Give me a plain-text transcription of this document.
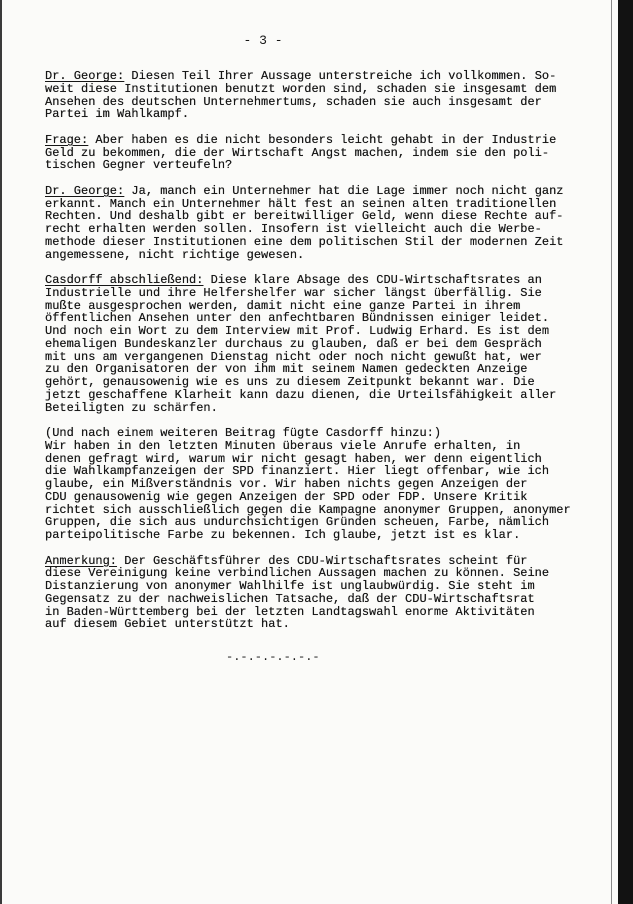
- 3 -
Dr. George: Diesen Teil Ihrer Aussage unterstreiche ich vollkommen. So-
weit diese Institutionen benutzt worden sind, schaden sie insgesamt dem
Ansehen des deutschen Unternehmertums, schaden sie auch insgesamt der
Partei im Wahlkampf.
Frage: Aber haben es die nicht besonders leicht gehabt in der Industrie
Geld zu bekommen, die der Wirtschaft Angst machen, indem sie den poli-
tischen Gegner verteufeln?
Dr. George: Ja, manch ein Unternehmer hat die Lage immer noch nicht ganz
erkannt. Manch ein Unternehmer hält fest an seinen alten traditionellen
Rechten. Und deshalb gibt er bereitwilliger Geld, wenn diese Rechte auf-
recht erhalten werden sollen. Insofern ist vielleicht auch die Werbe-
methode dieser Institutionen eine dem politischen Stil der modernen Zeit
angemessene, nicht richtige gewesen.
Casdorff abschließend: Diese klare Absage des CDU-Wirtschaftsrates an
Industrielle und ihre Helfershelfer war sicher längst überfällig. Sie
mußte ausgesprochen werden, damit nicht eine ganze Partei in ihrem
öffentlichen Ansehen unter den anfechtbaren Bündnissen einiger leidet.
Und noch ein Wort zu dem Interview mit Prof. Ludwig Erhard. Es ist dem
ehemaligen Bundeskanzler durchaus zu glauben, daß er bei dem Gespräch
mit uns am vergangenen Dienstag nicht oder noch nicht gewußt hat, wer
zu den Organisatoren der von ihm mit seinem Namen gedeckten Anzeige
gehört, genausowenig wie es uns zu diesem Zeitpunkt bekannt war. Die
jetzt geschaffene Klarheit kann dazu dienen, die Urteilsfähigkeit aller
Beteiligten zu schärfen.
(Und nach einem weiteren Beitrag fügte Casdorff hinzu:)
Wir haben in den letzten Minuten überaus viele Anrufe erhalten, in
denen gefragt wird, warum wir nicht gesagt haben, wer denn eigentlich
die Wahlkampfanzeigen der SPD finanziert. Hier liegt offenbar, wie ich
glaube, ein Mißverständnis vor. Wir haben nichts gegen Anzeigen der
CDU genausowenig wie gegen Anzeigen der SPD oder FDP. Unsere Kritik
richtet sich ausschließlich gegen die Kampagne anonymer Gruppen, anonymer
Gruppen, die sich aus undurchsichtigen Gründen scheuen, Farbe, nämlich
parteipolitische Farbe zu bekennen. Ich glaube, jetzt ist es klar.
Anmerkung: Der Geschäftsführer des CDU-Wirtschaftsrates scheint für
diese Vereinigung keine verbindlichen Aussagen machen zu können. Seine
Distanzierung von anonymer Wahlhilfe ist unglaubwürdig. Sie steht im
Gegensatz zu der nachweislichen Tatsache, daß der CDU-Wirtschaftsrat
in Baden-Württemberg bei der letzten Landtagswahl enorme Aktivitäten
auf diesem Gebiet unterstützt hat.
-.-.-.-.-.-.-
